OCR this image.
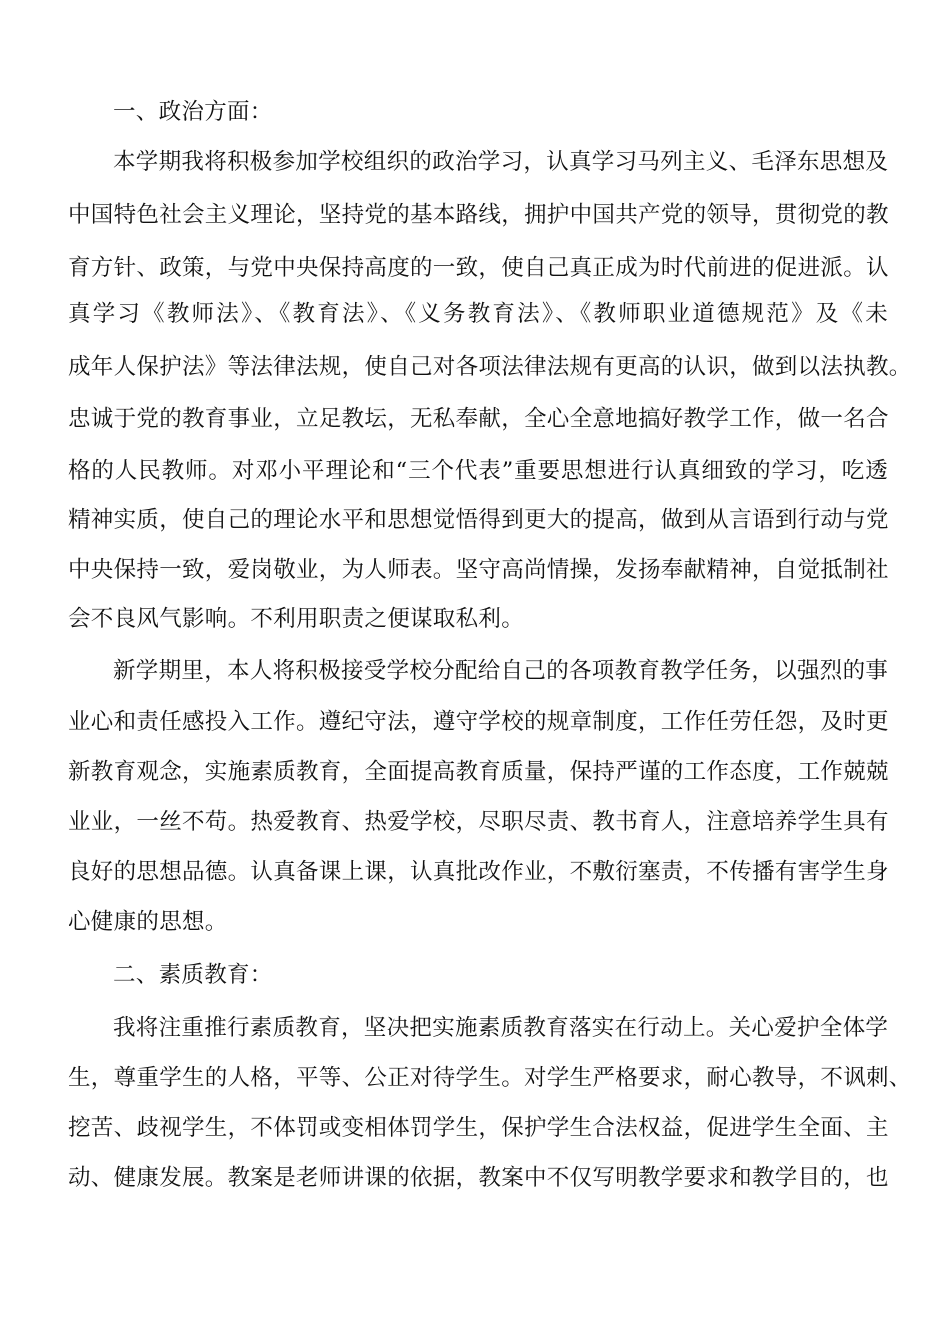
一、政治方面：
本学期我将积极参加学校组织的政治学习，认真学习马列主义、毛泽东思想及
中国特色社会主义理论，坚持党的基本路线，拥护中国共产党的领导，贯彻党的教
育方针、政策，与党中央保持高度的一致，使自己真正成为时代前进的促进派。认
真学习《教师法》、《教育法》、《义务教育法》、《教师职业道德规范》及《未
成年人保护法》等法律法规，使自己对各项法律法规有更高的认识，做到以法执教。
忠诚于党的教育事业，立足教坛，无私奉献，全心全意地搞好教学工作，做一名合
格的人民教师。对邓小平理论和“三个代表”重要思想进行认真细致的学习，吃透
精神实质，使自己的理论水平和思想觉悟得到更大的提高，做到从言语到行动与党
中央保持一致，爱岗敬业，为人师表。坚守高尚情操，发扬奉献精神，自觉抵制社
会不良风气影响。不利用职责之便谋取私利。
新学期里，本人将积极接受学校分配给自己的各项教育教学任务，以强烈的事
业心和责任感投入工作。遵纪守法，遵守学校的规章制度，工作任劳任怨，及时更
新教育观念，实施素质教育，全面提高教育质量，保持严谨的工作态度，工作兢兢
业业，一丝不苟。热爱教育、热爱学校，尽职尽责、教书育人，注意培养学生具有
良好的思想品德。认真备课上课，认真批改作业，不敷衍塞责，不传播有害学生身
心健康的思想。
二、素质教育：
我将注重推行素质教育，坚决把实施素质教育落实在行动上。关心爱护全体学
生，尊重学生的人格，平等、公正对待学生。对学生严格要求，耐心教导，不讽刺、
挖苦、歧视学生，不体罚或变相体罚学生，保护学生合法权益，促进学生全面、主
动、健康发展。教案是老师讲课的依据，教案中不仅写明教学要求和教学目的，也
